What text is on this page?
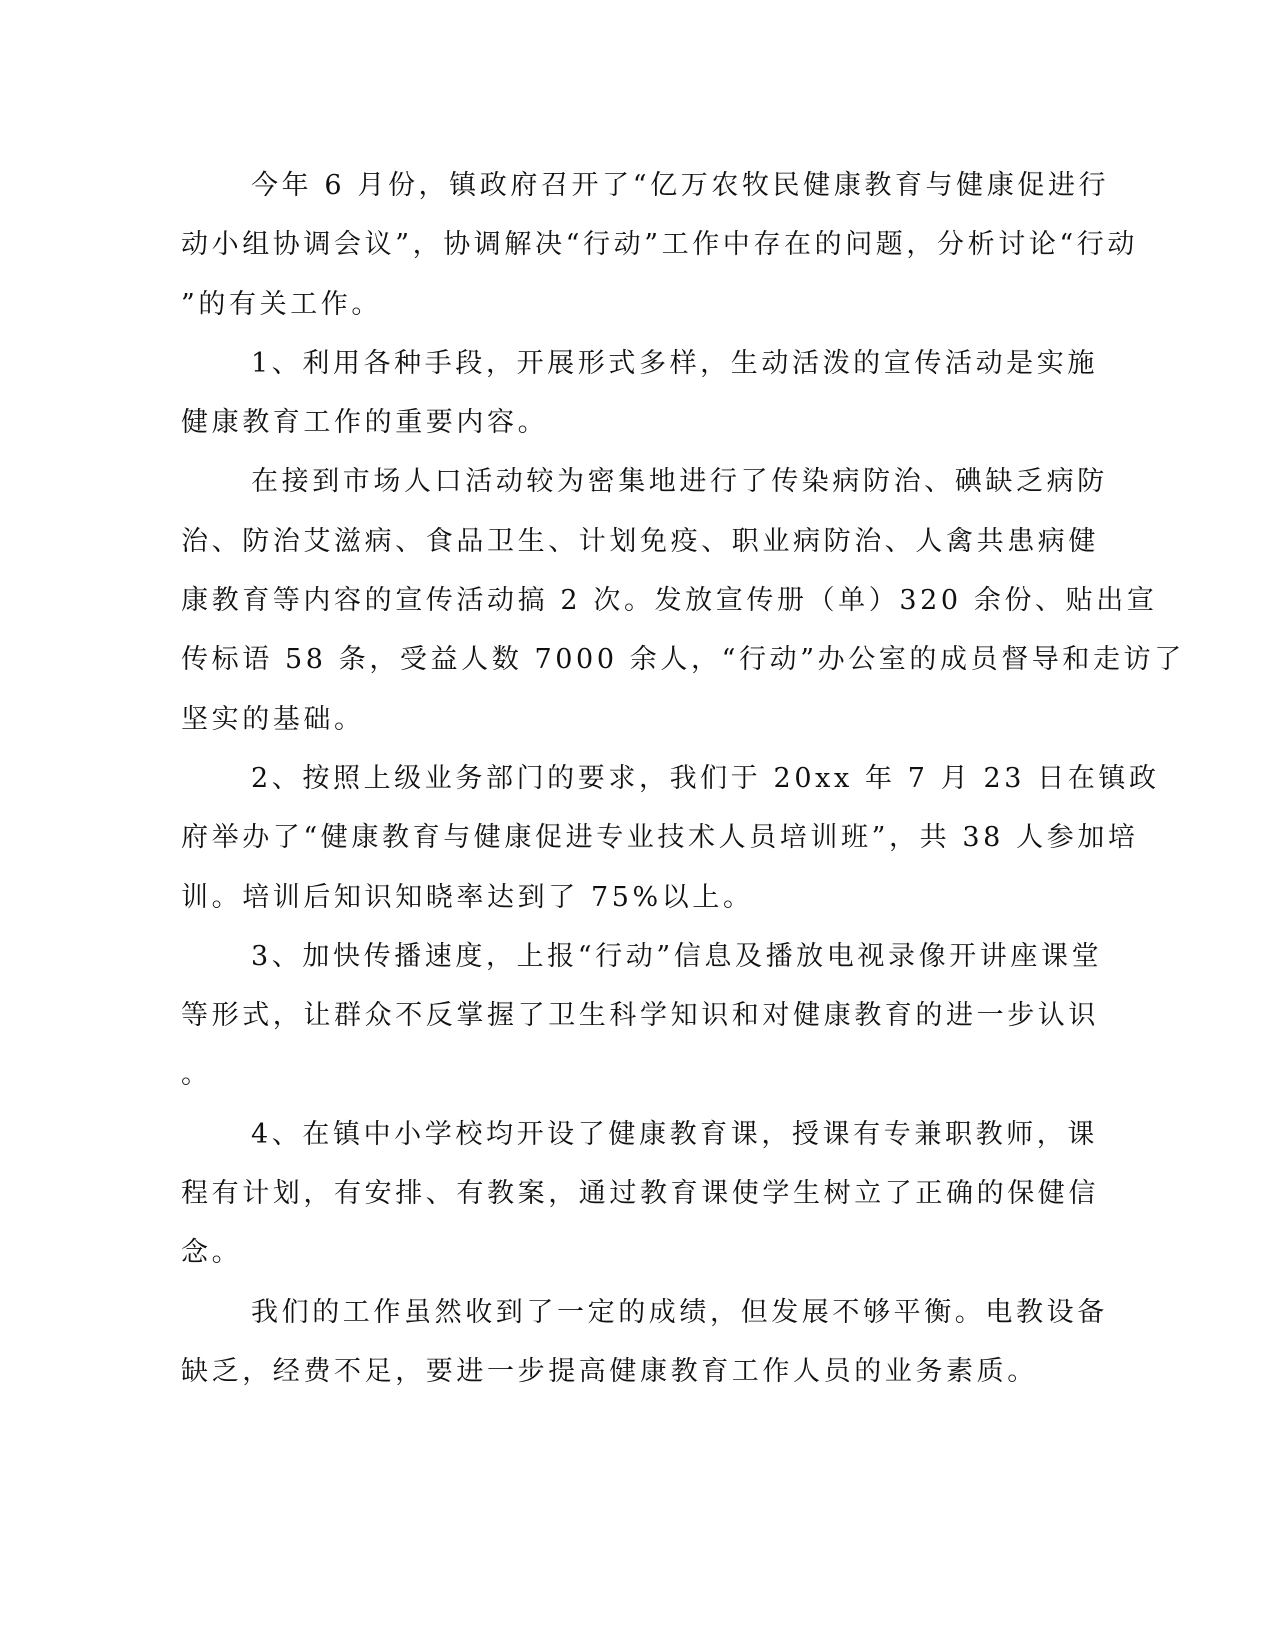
今年 6 月份，镇政府召开了“亿万农牧民健康教育与健康促进行
动小组协调会议”，协调解决“行动”工作中存在的问题，分析讨论“行动
”的有关工作。

1、利用各种手段，开展形式多样，生动活泼的宣传活动是实施
健康教育工作的重要内容。

在接到市场人口活动较为密集地进行了传染病防治、碘缺乏病防
治、防治艾滋病、食品卫生、计划免疫、职业病防治、人禽共患病健
康教育等内容的宣传活动搞 2 次。发放宣传册（单）320 余份、贴出宣
传标语 58 条，受益人数 7000 余人，“行动”办公室的成员督导和走访了
坚实的基础。

2、按照上级业务部门的要求，我们于 20xx 年 7 月 23 日在镇政
府举办了“健康教育与健康促进专业技术人员培训班”，共 38 人参加培
训。培训后知识知晓率达到了 75%以上。

3、加快传播速度，上报“行动”信息及播放电视录像开讲座课堂
等形式，让群众不反掌握了卫生科学知识和对健康教育的进一步认识
。

4、在镇中小学校均开设了健康教育课，授课有专兼职教师，课
程有计划，有安排、有教案，通过教育课使学生树立了正确的保健信
念。

我们的工作虽然收到了一定的成绩，但发展不够平衡。电教设备
缺乏，经费不足，要进一步提高健康教育工作人员的业务素质。
